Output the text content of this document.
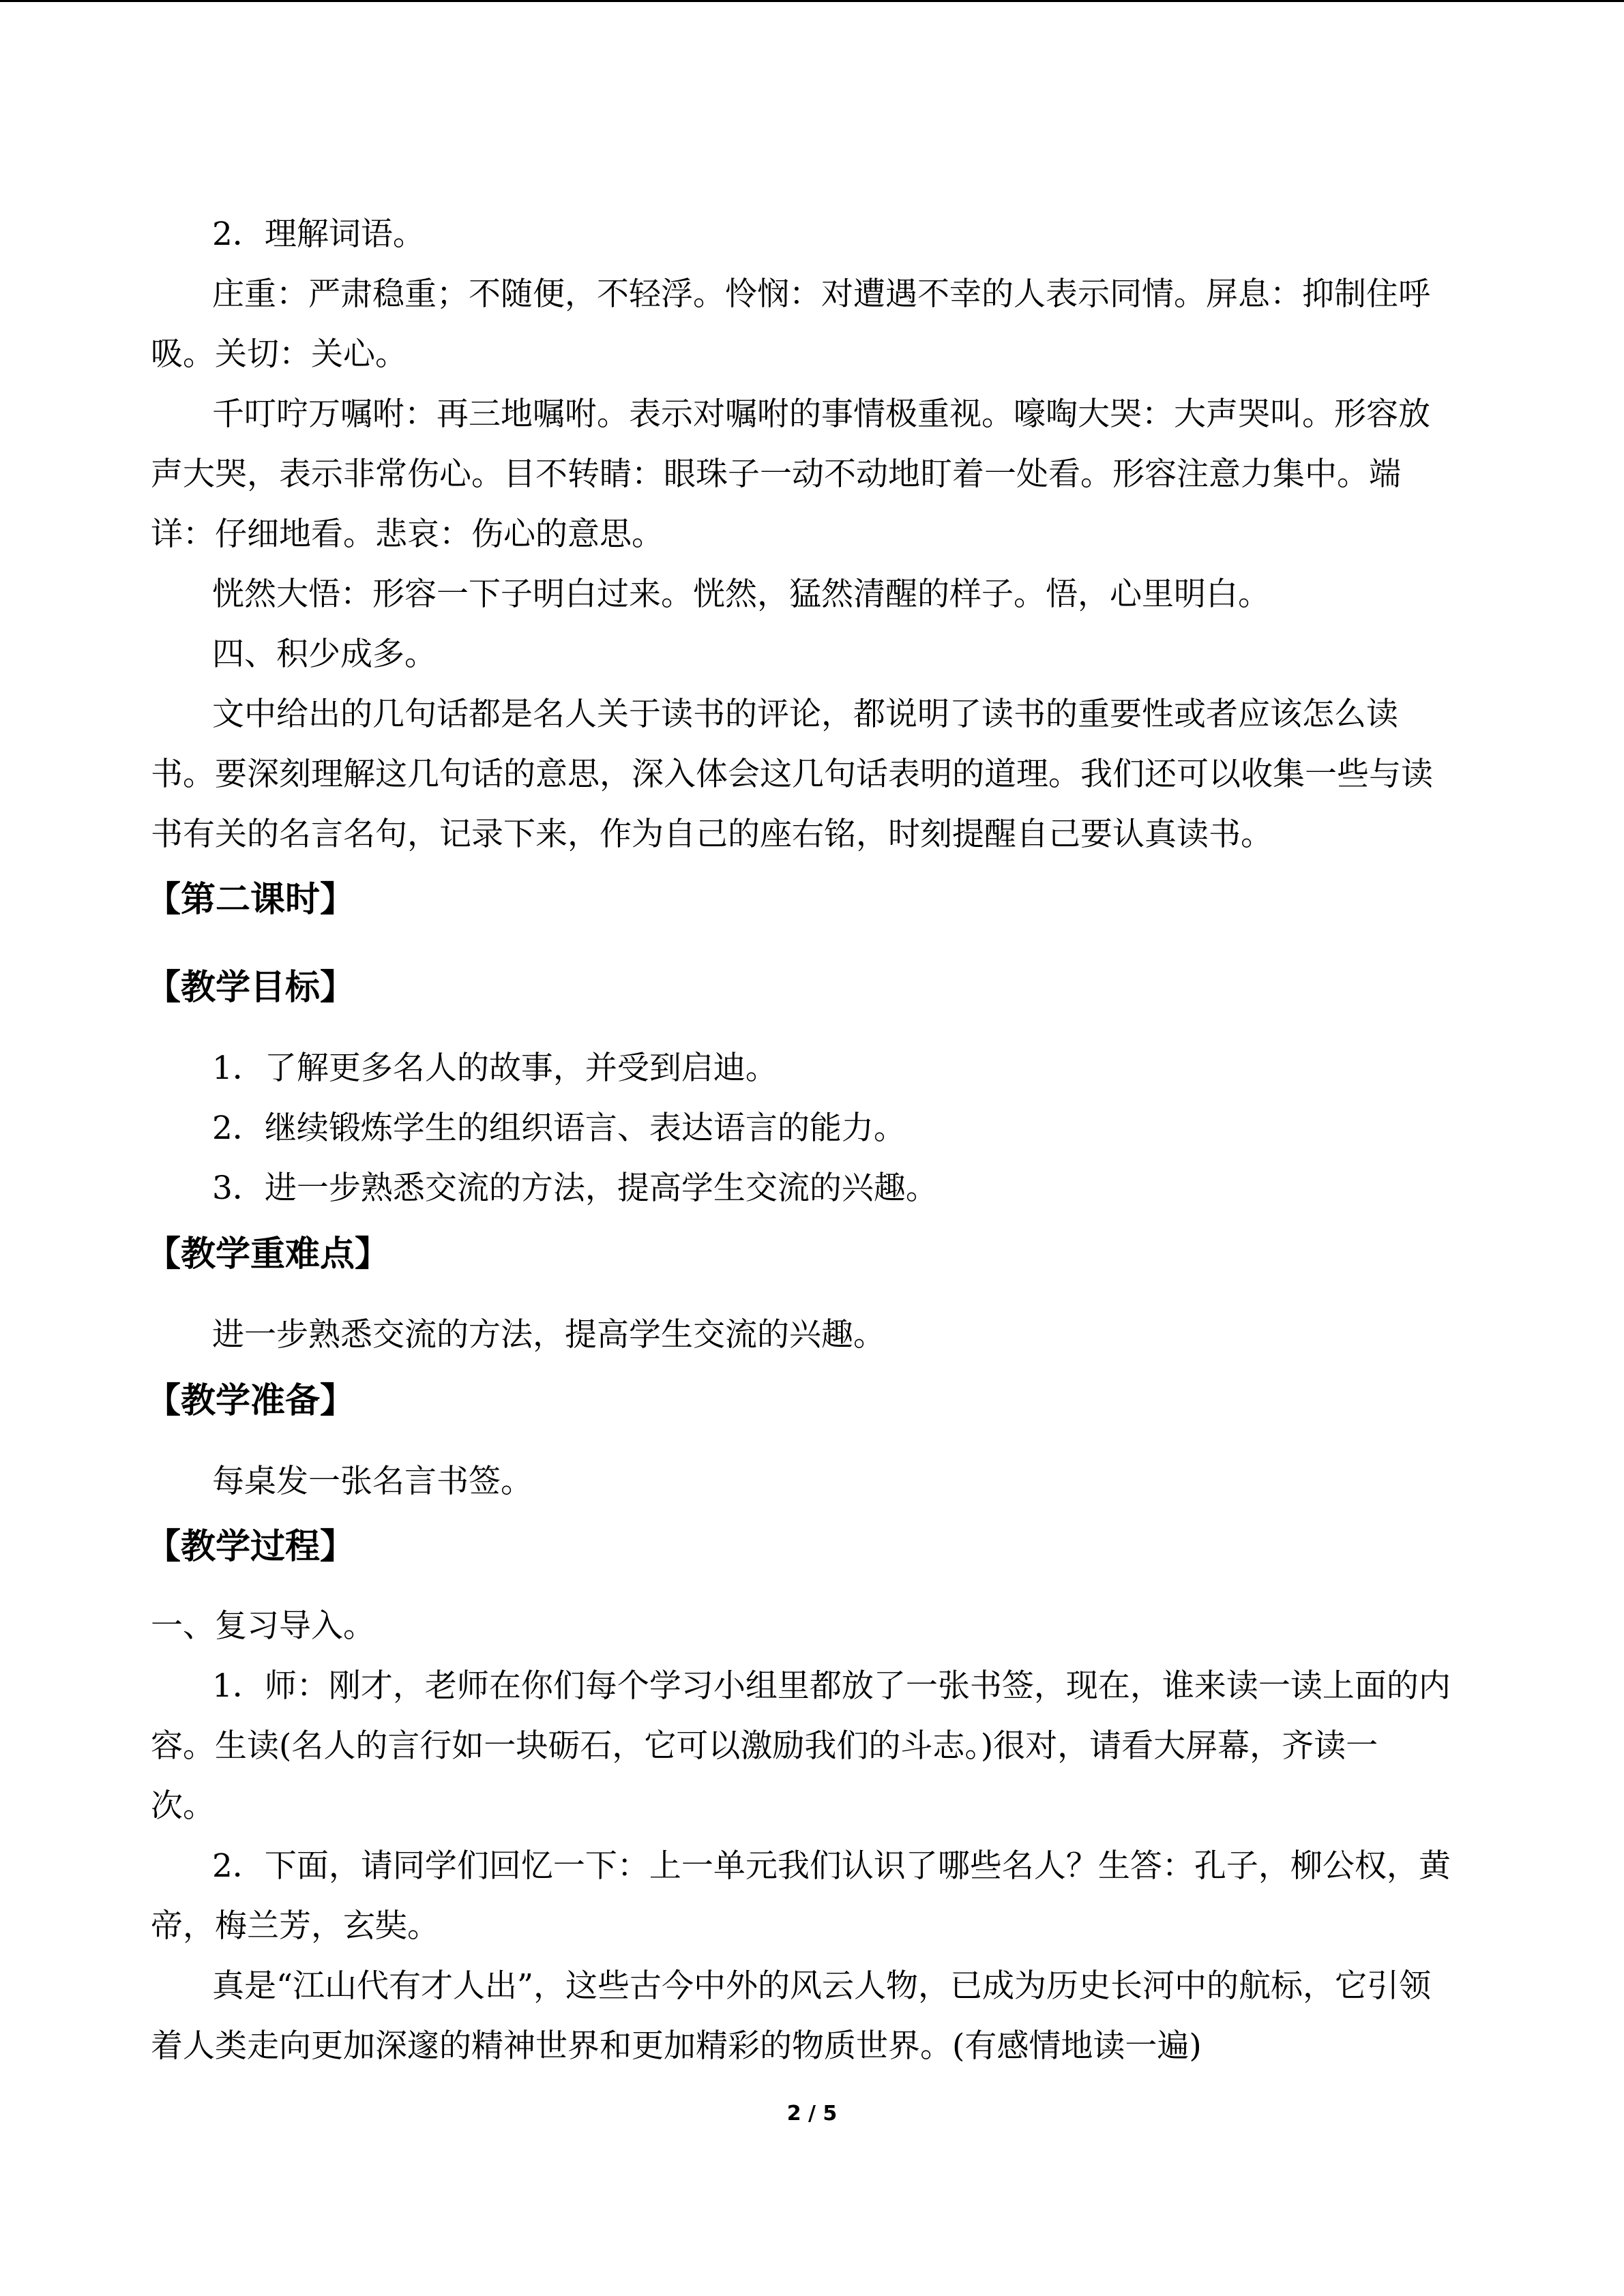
2．理解词语。
庄重：严肃稳重；不随便，不轻浮。怜悯：对遭遇不幸的人表示同情。屏息：抑制住呼
吸。关切：关心。
千叮咛万嘱咐：再三地嘱咐。表示对嘱咐的事情极重视。嚎啕大哭：大声哭叫。形容放
声大哭，表示非常伤心。目不转睛：眼珠子一动不动地盯着一处看。形容注意力集中。端
详：仔细地看。悲哀：伤心的意思。
恍然大悟：形容一下子明白过来。恍然，猛然清醒的样子。悟，心里明白。
四、积少成多。
文中给出的几句话都是名人关于读书的评论，都说明了读书的重要性或者应该怎么读
书。要深刻理解这几句话的意思，深入体会这几句话表明的道理。我们还可以收集一些与读
书有关的名言名句，记录下来，作为自己的座右铭，时刻提醒自己要认真读书。
【第二课时】
【教学目标】
1．了解更多名人的故事，并受到启迪。
2．继续锻炼学生的组织语言、表达语言的能力。
3．进一步熟悉交流的方法，提高学生交流的兴趣。
【教学重难点】
进一步熟悉交流的方法，提高学生交流的兴趣。
【教学准备】
每桌发一张名言书签。
【教学过程】
一、复习导入。
1．师：刚才，老师在你们每个学习小组里都放了一张书签，现在，谁来读一读上面的内
容。生读(名人的言行如一块砺石，它可以激励我们的斗志。)很对，请看大屏幕，齐读一
次。
2．下面，请同学们回忆一下：上一单元我们认识了哪些名人？生答：孔子，柳公权，黄
帝，梅兰芳，玄奘。
真是“江山代有才人出”，这些古今中外的风云人物，已成为历史长河中的航标，它引领
着人类走向更加深邃的精神世界和更加精彩的物质世界。(有感情地读一遍)
2 / 5
